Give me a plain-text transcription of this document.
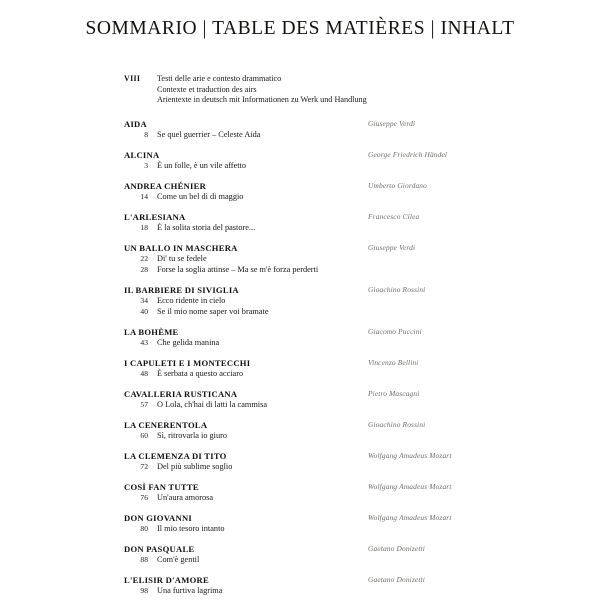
SOMMARIO | TABLE DES MATIÈRES | INHALT
VIII	Testi delle arie e contesto drammatico
Contexte et traduction des airs
Arientexte in deutsch mit Informationen zu Werk und Handlung
AIDA	Giuseppe Verdi
8 Se quel guerrier – Celeste Aida
ALCINA	George Friedrich Händel
3 È un folle, è un vile affetto
ANDREA CHÉNIER	Umberto Giordano
14 Come un bel dì di maggio
L'ARLESIANA	Francesco Cilea
18 È la solita storia del pastore...
UN BALLO IN MASCHERA	Giuseppe Verdi
22 Di' tu se fedele
28 Forse la soglia attinse – Ma se m'è forza perderti
IL BARBIERE DI SIVIGLIA	Gioachino Rossini
34 Ecco ridente in cielo
40 Se il mio nome saper voi bramate
LA BOHÈME	Giacomo Puccini
43 Che gelida manina
I CAPULETI E I MONTECCHI	Vincenzo Bellini
48 È serbata a questo acciaro
CAVALLERIA RUSTICANA	Pietro Mascagni
57 O Lola, ch'hai di latti la cammisa
LA CENERENTOLA	Gioachino Rossini
60 Sì, ritrovarla io giuro
LA CLEMENZA DI TITO	Wolfgang Amadeus Mozart
72 Del più sublime soglio
COSÌ FAN TUTTE	Wolfgang Amadeus Mozart
76 Un'aura amorosa
DON GIOVANNI	Wolfgang Amadeus Mozart
80 Il mio tesoro intanto
DON PASQUALE	Gaetano Donizetti
88 Com'è gentil
L'ELISIR D'AMORE	Gaetano Donizetti
98 Una furtiva lagrima
